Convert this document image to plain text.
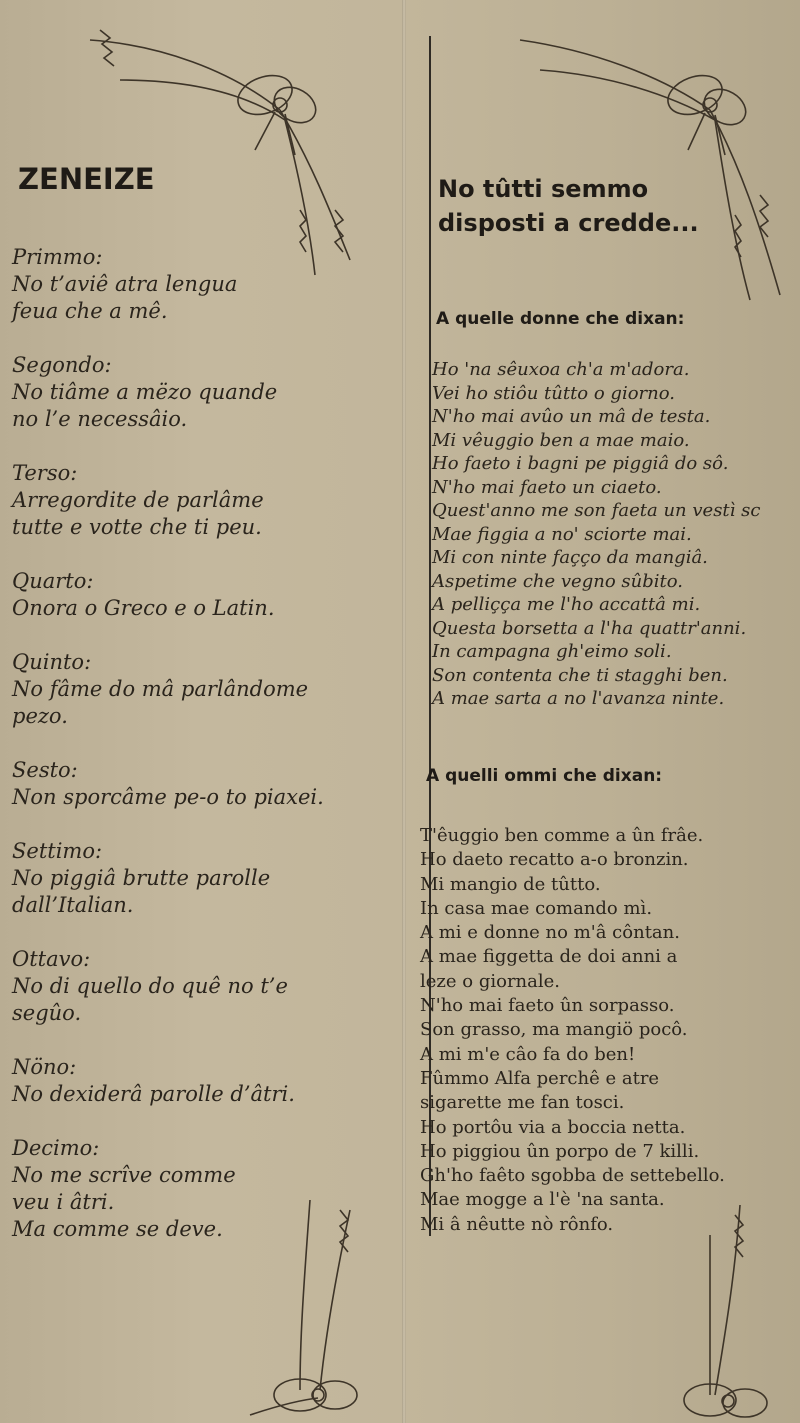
ZENEIZE
Primmo:
No t’aviê atra lengua
feua che a mê.
Segondo:
No tiâme a mëzo quande
no l’e necessâio.
Terso:
Arregordite de parlâme
tutte e votte che ti peu.
Quarto:
Onora o Greco e o Latin.
Quinto:
No fâme do mâ parlândome
pezo.
Sesto:
Non sporcâme pe-o to piaxei.
Settimo:
No piggiâ brutte parolle
dall’Italian.
Ottavo:
No di quello do quê no t’e
segûo.
Nöno:
No dexiderâ parolle d’âtri.
Decimo:
No me scrîve comme
veu i âtri.
Ma comme se deve.
No tûtti semmo
disposti a credde...
A quelle donne che dixan:
Ho 'na sêuxoa ch'a m'adora.
Vei ho stiôu tûtto o giorno.
N'ho mai avûo un mâ de testa.
Mi vêuggio ben a mae maio.
Ho faeto i bagni pe piggiâ do sô.
N'ho mai faeto un ciaeto.
Quest'anno me son faeta un vestì sc
Mae figgia a no' sciorte mai.
Mi con ninte façço da mangiâ.
Aspetime che vegno sûbito.
A pelliçça me l'ho accattâ mi.
Questa borsetta a l'ha quattr'anni.
In campagna gh'eimo soli.
Son contenta che ti stagghi ben.
A mae sarta a no l'avanza ninte.
A quelli ommi che dixan:
T'êuggio ben comme a ûn frâe.
Ho daeto recatto a-o bronzin.
Mi mangio de tûtto.
In casa mae comando mì.
A mi e donne no m'â côntan.
A mae figgetta de doi anni a
leze o giornale.
N'ho mai faeto ûn sorpasso.
Son grasso, ma mangiö pocô.
A mi m'e câo fa do ben!
Fûmmo Alfa perchê e atre
sigarette me fan tosci.
Ho portôu via a boccia netta.
Ho piggiou ûn porpo de 7 killi.
Gh'ho faêto sgobba de settebello.
Mae mogge a l'è 'na santa.
Mi â nêutte nò rônfo.
